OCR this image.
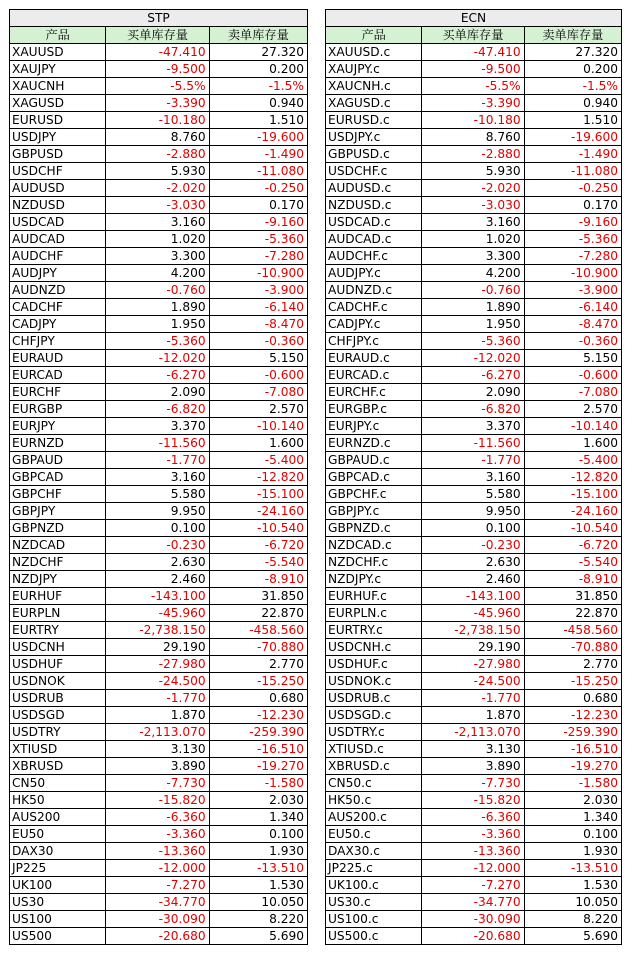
STP		
产品	买单库存量	卖单库存量
XAUUSD	-47.410	27.320
XAUJPY	-9.500	0.200
XAUCNH	-5.5%	-1.5%
XAGUSD	-3.390	0.940
EURUSD	-10.180	1.510
USDJPY	8.760	-19.600
GBPUSD	-2.880	-1.490
USDCHF	5.930	-11.080
AUDUSD	-2.020	-0.250
NZDUSD	-3.030	0.170
USDCAD	3.160	-9.160
AUDCAD	1.020	-5.360
AUDCHF	3.300	-7.280
AUDJPY	4.200	-10.900
AUDNZD	-0.760	-3.900
CADCHF	1.890	-6.140
CADJPY	1.950	-8.470
CHFJPY	-5.360	-0.360
EURAUD	-12.020	5.150
EURCAD	-6.270	-0.600
EURCHF	2.090	-7.080
EURGBP	-6.820	2.570
EURJPY	3.370	-10.140
EURNZD	-11.560	1.600
GBPAUD	-1.770	-5.400
GBPCAD	3.160	-12.820
GBPCHF	5.580	-15.100
GBPJPY	9.950	-24.160
GBPNZD	0.100	-10.540
NZDCAD	-0.230	-6.720
NZDCHF	2.630	-5.540
NZDJPY	2.460	-8.910
EURHUF	-143.100	31.850
EURPLN	-45.960	22.870
EURTRY	-2,738.150	-458.560
USDCNH	29.190	-70.880
USDHUF	-27.980	2.770
USDNOK	-24.500	-15.250
USDRUB	-1.770	0.680
USDSGD	1.870	-12.230
USDTRY	-2,113.070	-259.390
XTIUSD	3.130	-16.510
XBRUSD	3.890	-19.270
CN50	-7.730	-1.580
HK50	-15.820	2.030
AUS200	-6.360	1.340
EU50	-3.360	0.100
DAX30	-13.360	1.930
JP225	-12.000	-13.510
UK100	-7.270	1.530
US30	-34.770	10.050
US100	-30.090	8.220
US500	-20.680	5.690
ECN		
产品	买单库存量	卖单库存量
XAUUSD.c	-47.410	27.320
XAUJPY.c	-9.500	0.200
XAUCNH.c	-5.5%	-1.5%
XAGUSD.c	-3.390	0.940
EURUSD.c	-10.180	1.510
USDJPY.c	8.760	-19.600
GBPUSD.c	-2.880	-1.490
USDCHF.c	5.930	-11.080
AUDUSD.c	-2.020	-0.250
NZDUSD.c	-3.030	0.170
USDCAD.c	3.160	-9.160
AUDCAD.c	1.020	-5.360
AUDCHF.c	3.300	-7.280
AUDJPY.c	4.200	-10.900
AUDNZD.c	-0.760	-3.900
CADCHF.c	1.890	-6.140
CADJPY.c	1.950	-8.470
CHFJPY.c	-5.360	-0.360
EURAUD.c	-12.020	5.150
EURCAD.c	-6.270	-0.600
EURCHF.c	2.090	-7.080
EURGBP.c	-6.820	2.570
EURJPY.c	3.370	-10.140
EURNZD.c	-11.560	1.600
GBPAUD.c	-1.770	-5.400
GBPCAD.c	3.160	-12.820
GBPCHF.c	5.580	-15.100
GBPJPY.c	9.950	-24.160
GBPNZD.c	0.100	-10.540
NZDCAD.c	-0.230	-6.720
NZDCHF.c	2.630	-5.540
NZDJPY.c	2.460	-8.910
EURHUF.c	-143.100	31.850
EURPLN.c	-45.960	22.870
EURTRY.c	-2,738.150	-458.560
USDCNH.c	29.190	-70.880
USDHUF.c	-27.980	2.770
USDNOK.c	-24.500	-15.250
USDRUB.c	-1.770	0.680
USDSGD.c	1.870	-12.230
USDTRY.c	-2,113.070	-259.390
XTIUSD.c	3.130	-16.510
XBRUSD.c	3.890	-19.270
CN50.c	-7.730	-1.580
HK50.c	-15.820	2.030
AUS200.c	-6.360	1.340
EU50.c	-3.360	0.100
DAX30.c	-13.360	1.930
JP225.c	-12.000	-13.510
UK100.c	-7.270	1.530
US30.c	-34.770	10.050
US100.c	-30.090	8.220
US500.c	-20.680	5.690
